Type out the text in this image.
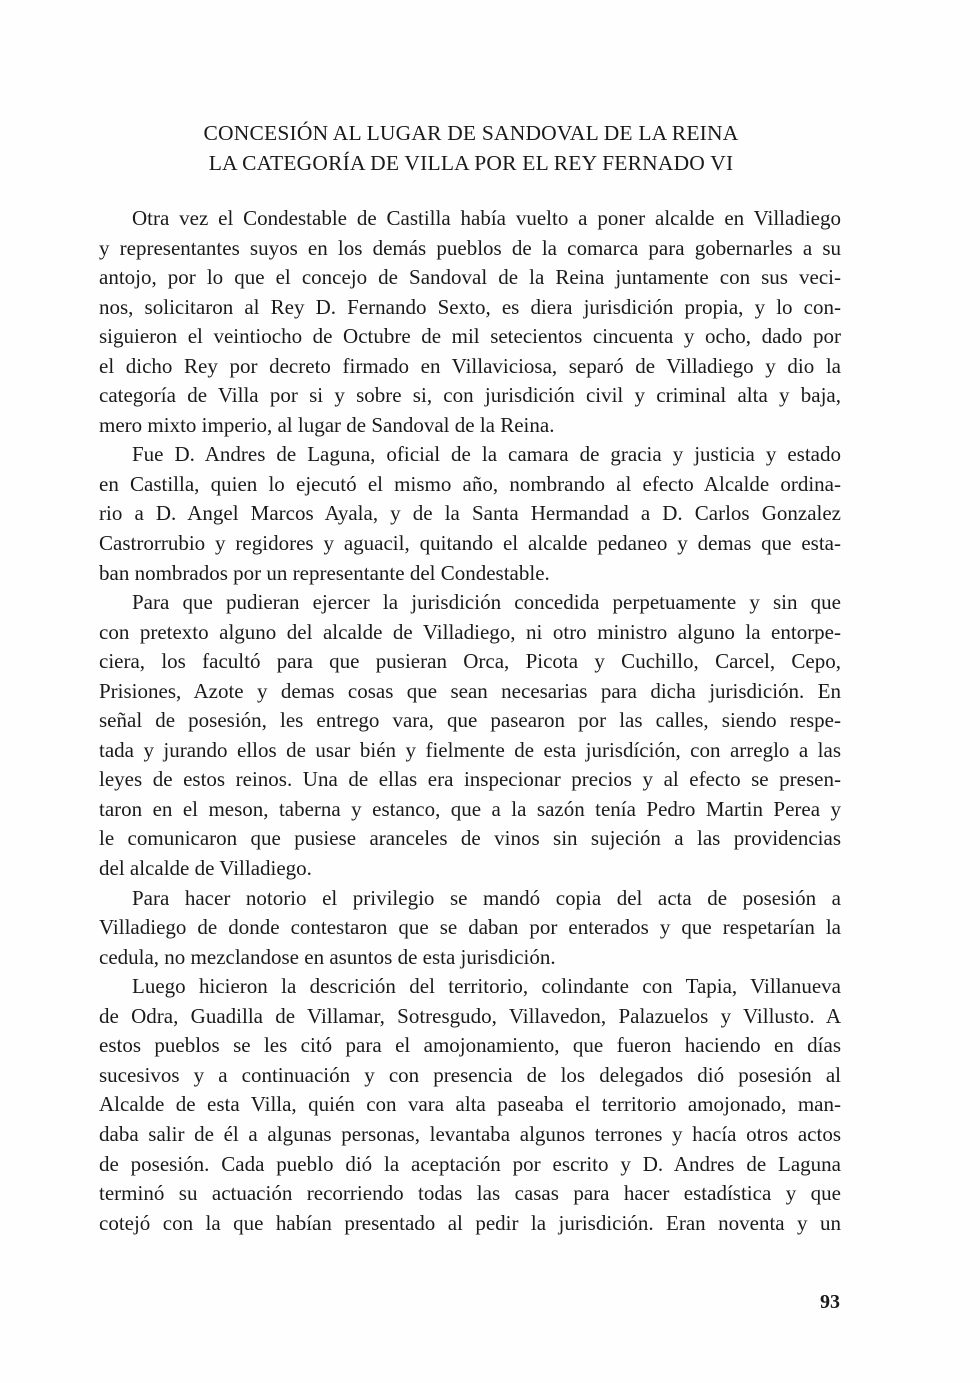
CONCESIÓN AL LUGAR DE SANDOVAL DE LA REINA
LA CATEGORÍA DE VILLA POR EL REY FERNADO VI
Otra vez el Condestable de Castilla había vuelto a poner alcalde en Villadiego
y representantes suyos en los demás pueblos de la comarca para gobernarles a su
antojo, por lo que el concejo de Sandoval de la Reina juntamente con sus veci-
nos, solicitaron al Rey D. Fernando Sexto, es diera jurisdición propia, y lo con-
siguieron el veintiocho de Octubre de mil setecientos cincuenta y ocho, dado por
el dicho Rey por decreto firmado en Villaviciosa, separó de Villadiego y dio la
categoría de Villa por si y sobre si, con jurisdición civil y criminal alta y baja,
mero mixto imperio, al lugar de Sandoval de la Reina.
Fue D. Andres de Laguna, oficial de la camara de gracia y justicia y estado
en Castilla, quien lo ejecutó el mismo año, nombrando al efecto Alcalde ordina-
rio a D. Angel Marcos Ayala, y de la Santa Hermandad a D. Carlos Gonzalez
Castrorrubio y regidores y aguacil, quitando el alcalde pedaneo y demas que esta-
ban nombrados por un representante del Condestable.
Para que pudieran ejercer la jurisdición concedida perpetuamente y sin que
con pretexto alguno del alcalde de Villadiego, ni otro ministro alguno la entorpe-
ciera, los facultó para que pusieran Orca, Picota y Cuchillo, Carcel, Cepo,
Prisiones, Azote y demas cosas que sean necesarias para dicha jurisdición. En
señal de posesión, les entrego vara, que pasearon por las calles, siendo respe-
tada y jurando ellos de usar bién y fielmente de esta jurisdíción, con arreglo a las
leyes de estos reinos. Una de ellas era inspecionar precios y al efecto se presen-
taron en el meson, taberna y estanco, que a la sazón tenía Pedro Martin Perea y
le comunicaron que pusiese aranceles de vinos sin sujeción a las providencias
del alcalde de Villadiego.
Para hacer notorio el privilegio se mandó copia del acta de posesión a
Villadiego de donde contestaron que se daban por enterados y que respetarían la
cedula, no mezclandose en asuntos de esta jurisdición.
Luego hicieron la descrición del territorio, colindante con Tapia, Villanueva
de Odra, Guadilla de Villamar, Sotresgudo, Villavedon, Palazuelos y Villusto. A
estos pueblos se les citó para el amojonamiento, que fueron haciendo en días
sucesivos y a continuación y con presencia de los delegados dió posesión al
Alcalde de esta Villa, quién con vara alta paseaba el territorio amojonado, man-
daba salir de él a algunas personas, levantaba algunos terrones y hacía otros actos
de posesión. Cada pueblo dió la aceptación por escrito y D. Andres de Laguna
terminó su actuación recorriendo todas las casas para hacer estadística y que
cotejó con la que habían presentado al pedir la jurisdición. Eran noventa y un
93
